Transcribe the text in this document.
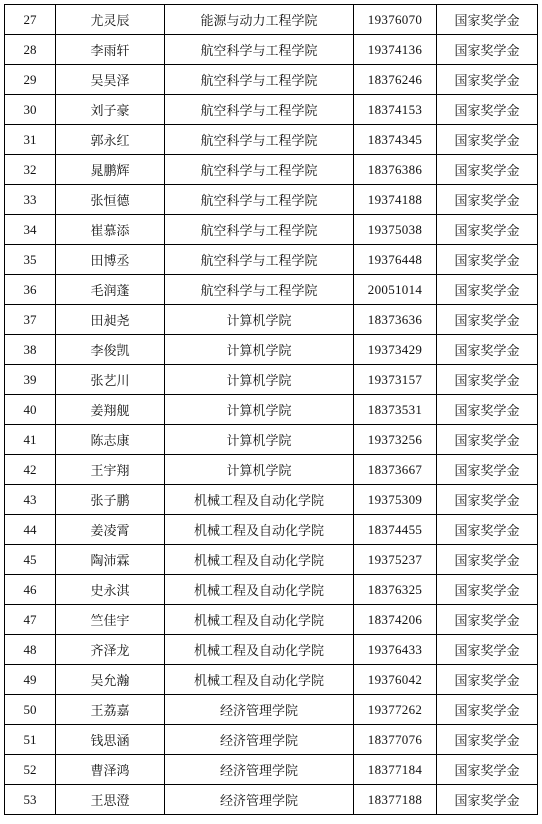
27	尤灵辰	能源与动力工程学院	19376070	国家奖学金
28	李雨轩	航空科学与工程学院	19374136	国家奖学金
29	吴昊泽	航空科学与工程学院	18376246	国家奖学金
30	刘子豪	航空科学与工程学院	18374153	国家奖学金
31	郭永红	航空科学与工程学院	18374345	国家奖学金
32	晁鹏辉	航空科学与工程学院	18376386	国家奖学金
33	张恒德	航空科学与工程学院	19374188	国家奖学金
34	崔慕添	航空科学与工程学院	19375038	国家奖学金
35	田博丞	航空科学与工程学院	19376448	国家奖学金
36	毛润蓬	航空科学与工程学院	20051014	国家奖学金
37	田昶尧	计算机学院	18373636	国家奖学金
38	李俊凯	计算机学院	19373429	国家奖学金
39	张艺川	计算机学院	19373157	国家奖学金
40	姜翔舰	计算机学院	18373531	国家奖学金
41	陈志康	计算机学院	19373256	国家奖学金
42	王宇翔	计算机学院	18373667	国家奖学金
43	张子鹏	机械工程及自动化学院	19375309	国家奖学金
44	姜凌霄	机械工程及自动化学院	18374455	国家奖学金
45	陶沛霖	机械工程及自动化学院	19375237	国家奖学金
46	史永淇	机械工程及自动化学院	18376325	国家奖学金
47	竺佳宇	机械工程及自动化学院	18374206	国家奖学金
48	齐泽龙	机械工程及自动化学院	19376433	国家奖学金
49	吴允瀚	机械工程及自动化学院	19376042	国家奖学金
50	王荔嘉	经济管理学院	19377262	国家奖学金
51	钱思涵	经济管理学院	18377076	国家奖学金
52	曹泽鸿	经济管理学院	18377184	国家奖学金
53	王思澄	经济管理学院	18377188	国家奖学金
